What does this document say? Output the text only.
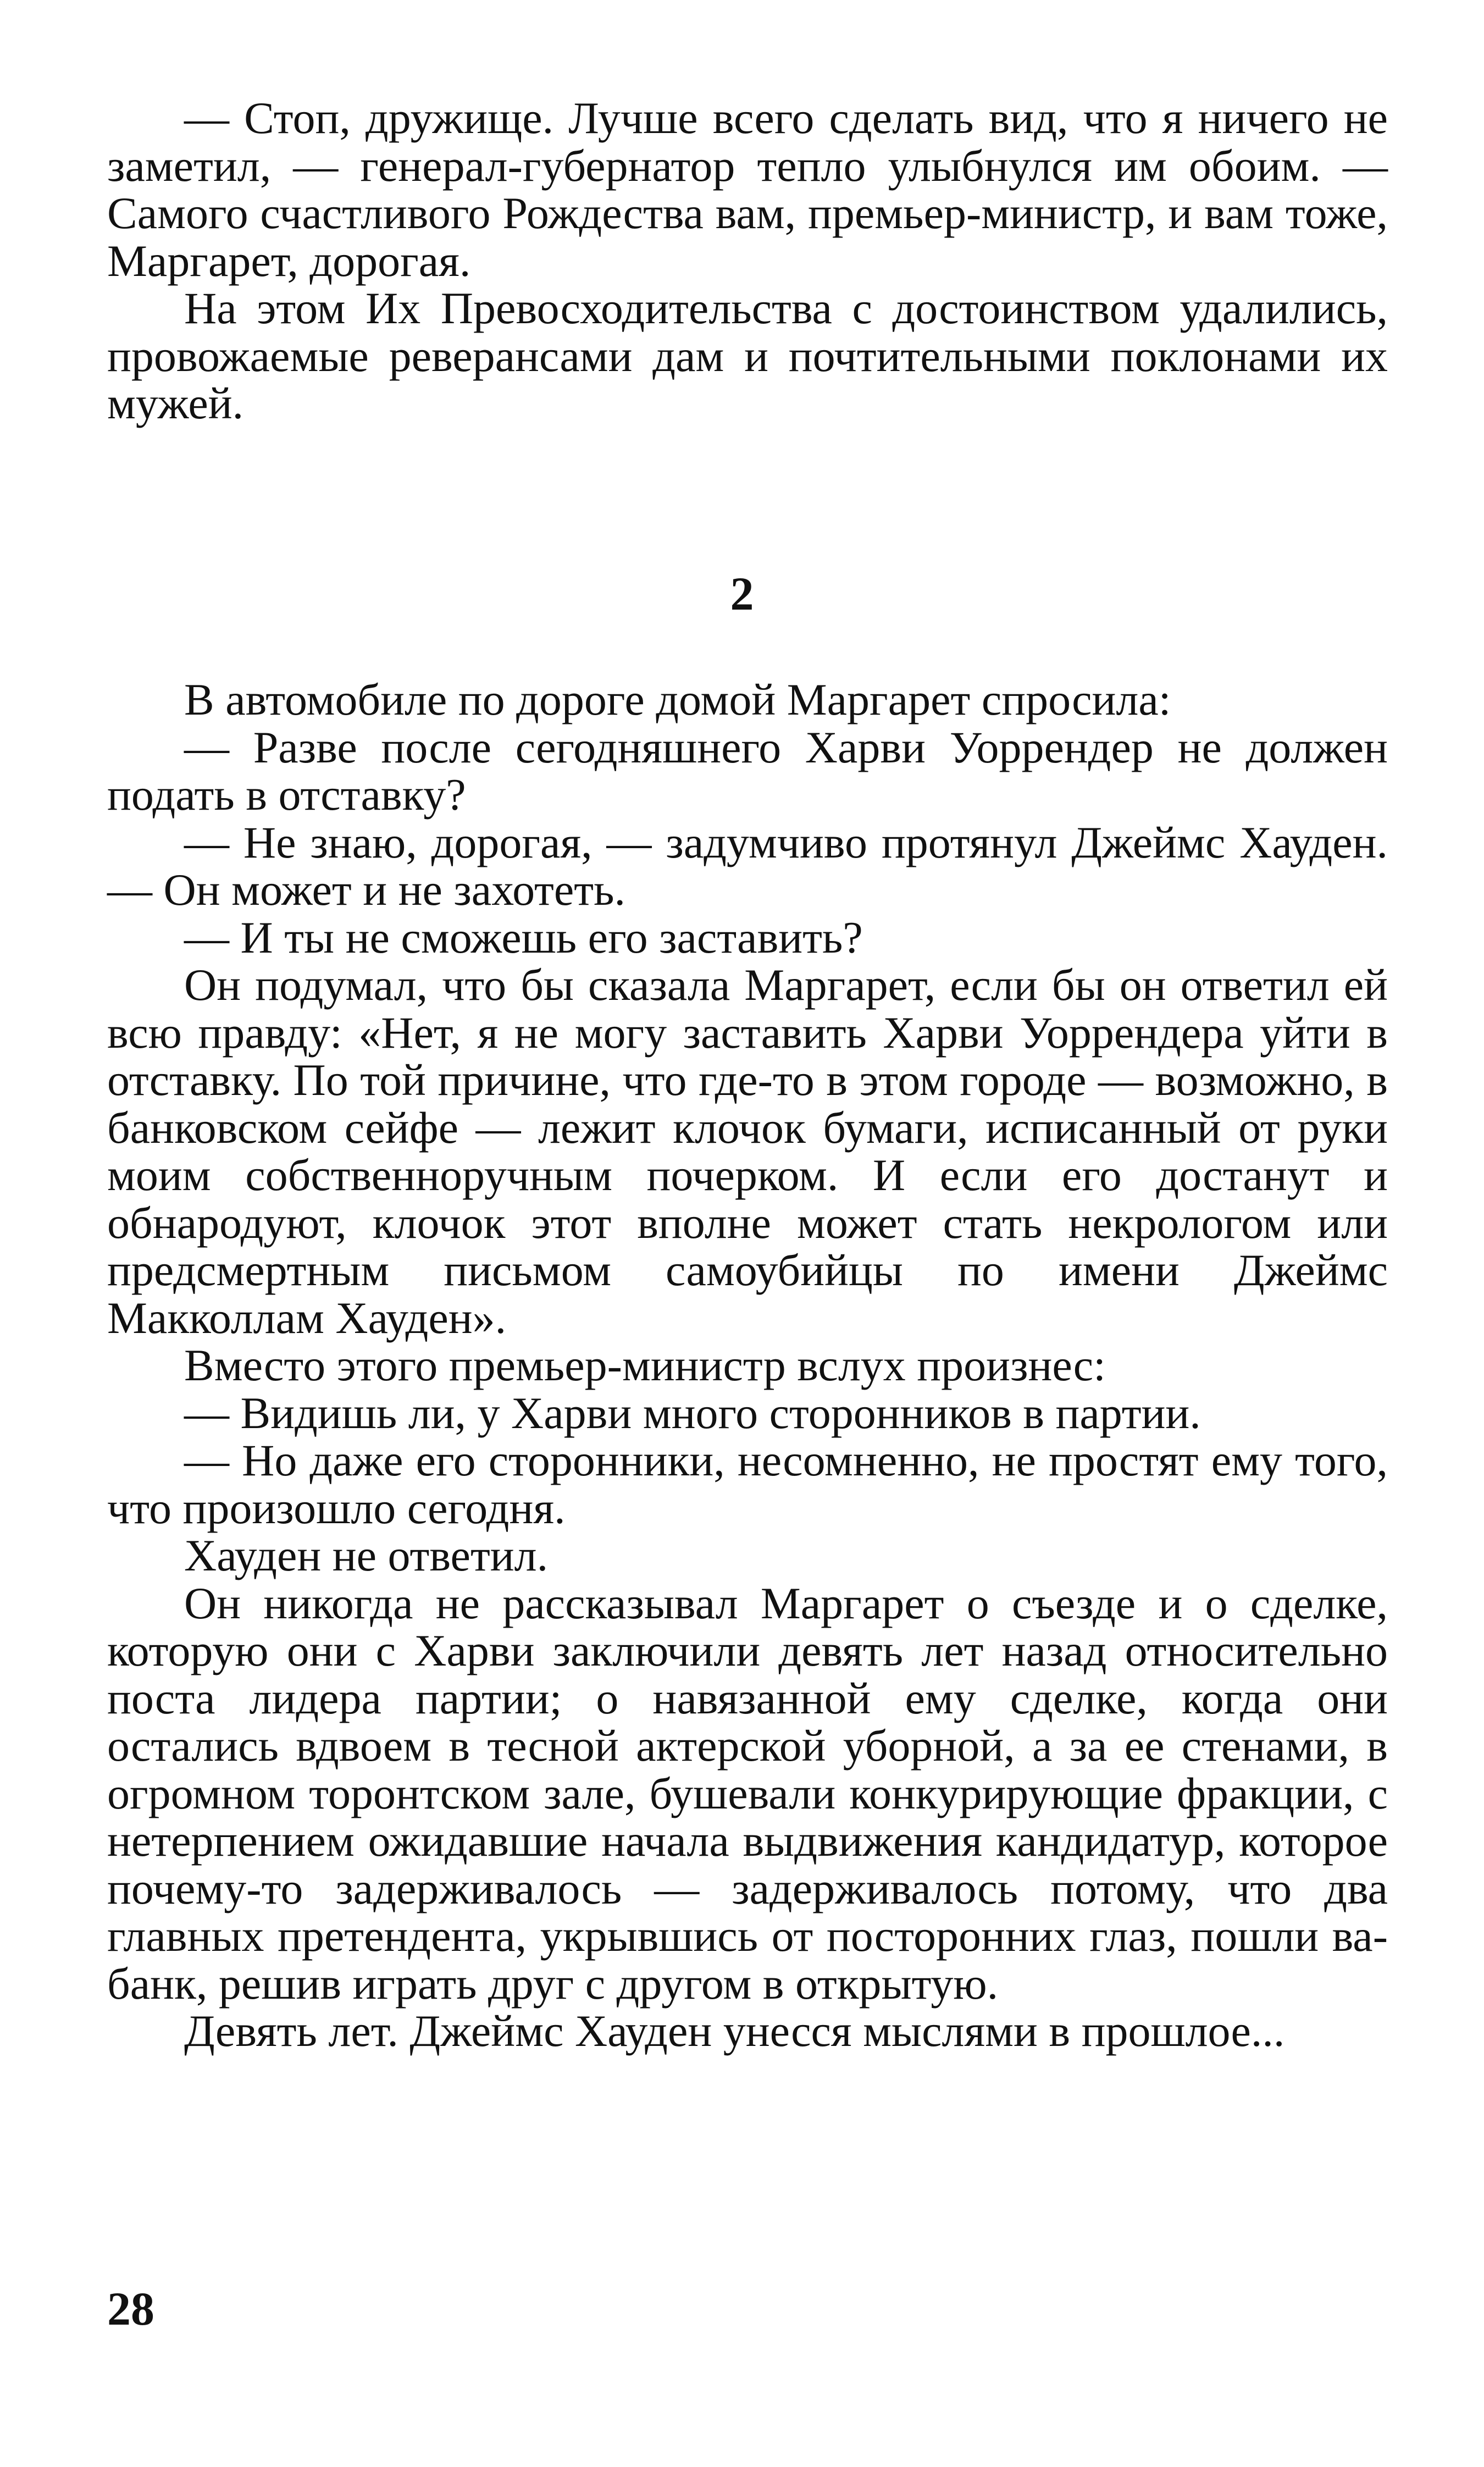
— Стоп, дружище. Лучше всего сделать вид, что я ничего не заметил, — генерал-губернатор тепло улыбнулся им обоим. — Самого счастливого Рождества вам, премьер-министр, и вам тоже, Маргарет, дорогая.

На этом Их Превосходительства с достоинством удалились, провожаемые реверансами дам и почтительными поклонами их мужей.

2

В автомобиле по дороге домой Маргарет спросила:

— Разве после сегодняшнего Харви Уоррендер не должен подать в отставку?

— Не знаю, дорогая, — задумчиво протянул Джеймс Хауден. — Он может и не захотеть.

— И ты не сможешь его заставить?

Он подумал, что бы сказала Маргарет, если бы он ответил ей всю правду: «Нет, я не могу заставить Харви Уоррендера уйти в отставку. По той причине, что где-то в этом городе — возможно, в банковском сейфе — лежит клочок бумаги, исписанный от руки моим собственноручным почерком. И если его достанут и обнародуют, клочок этот вполне может стать некрологом или предсмертным письмом самоубийцы по имени Джеймс Макколлам Хауден».

Вместо этого премьер-министр вслух произнес:

— Видишь ли, у Харви много сторонников в партии.

— Но даже его сторонники, несомненно, не простят ему того, что произошло сегодня.

Хауден не ответил.

Он никогда не рассказывал Маргарет о съезде и о сделке, которую они с Харви заключили девять лет назад относительно поста лидера партии; о навязанной ему сделке, когда они остались вдвоем в тесной актерской уборной, а за ее стенами, в огромном торонтском зале, бушевали конкурирующие фракции, с нетерпением ожидавшие начала выдвижения кандидатур, которое почему-то задерживалось — задерживалось потому, что два главных претендента, укрывшись от посторонних глаз, пошли ва-банк, решив играть друг с другом в открытую.

Девять лет. Джеймс Хауден унесся мыслями в прошлое...

28
